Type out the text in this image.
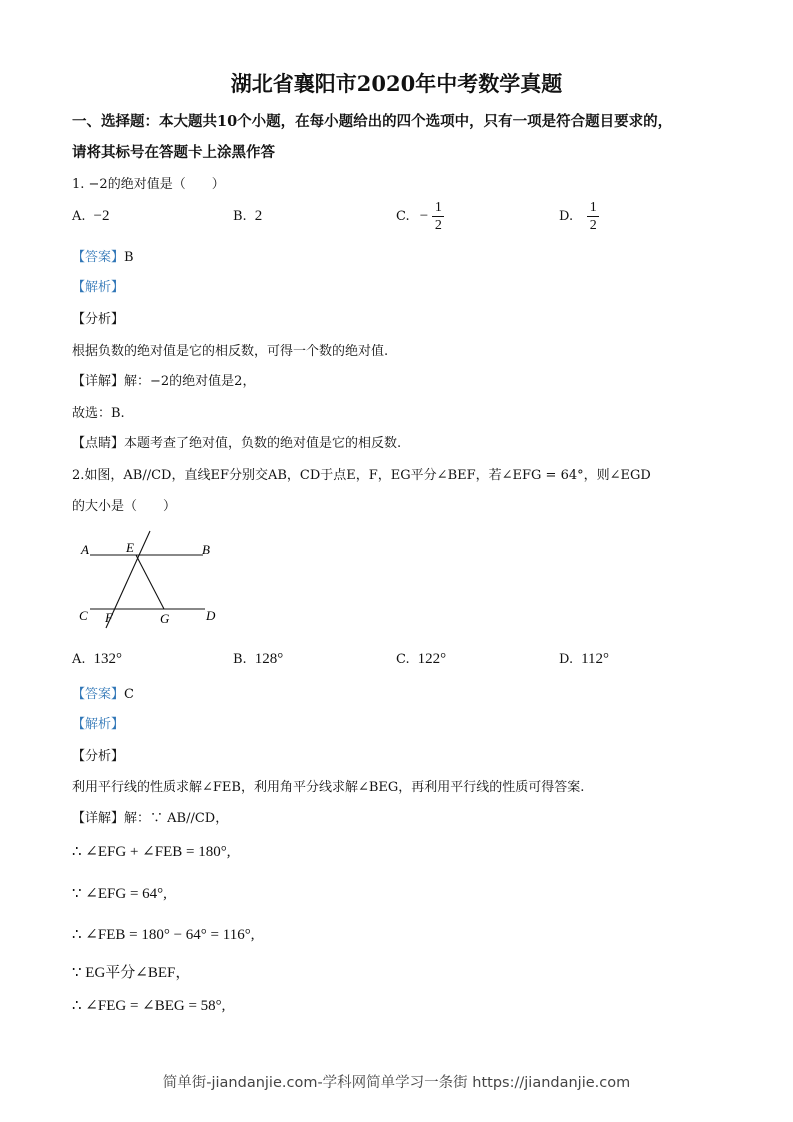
湖北省襄阳市2020年中考数学真题
一、选择题：本大题共10个小题，在每小题给出的四个选项中，只有一项是符合题目要求的，
请将其标号在答题卡上涂黑作答
1. −2的绝对值是（　　）
A. −2	B. 2	C. − $\frac{1}{2}$	D. $\frac{1}{2}$
【答案】B
【解析】
【分析】
根据负数的绝对值是它的相反数，可得一个数的绝对值.
【详解】解：−2的绝对值是2，
故选：B.
【点睛】本题考查了绝对值，负数的绝对值是它的相反数.
2.如图，AB//CD，直线EF分别交AB，CD于点E，F，EG平分∠BEF，若∠EFG = 64°，则∠EGD
的大小是（　　）
A	E	B
C F	G	D
A. 132°	B. 128°	C. 122°	D. 112°
【答案】C
【解析】
【分析】
利用平行线的性质求解∠FEB，利用角平分线求解∠BEG，再利用平行线的性质可得答案.
【详解】解：∵ AB//CD，
∴ ∠EFG + ∠FEB = 180°,
∵ ∠EFG = 64°,
∴ ∠FEB = 180° − 64° = 116°,
∵ EG平分∠BEF，
∴ ∠FEG = ∠BEG = 58°,
简单街-jiandanjie.com-学科网简单学习一条街 https://jiandanjie.com
